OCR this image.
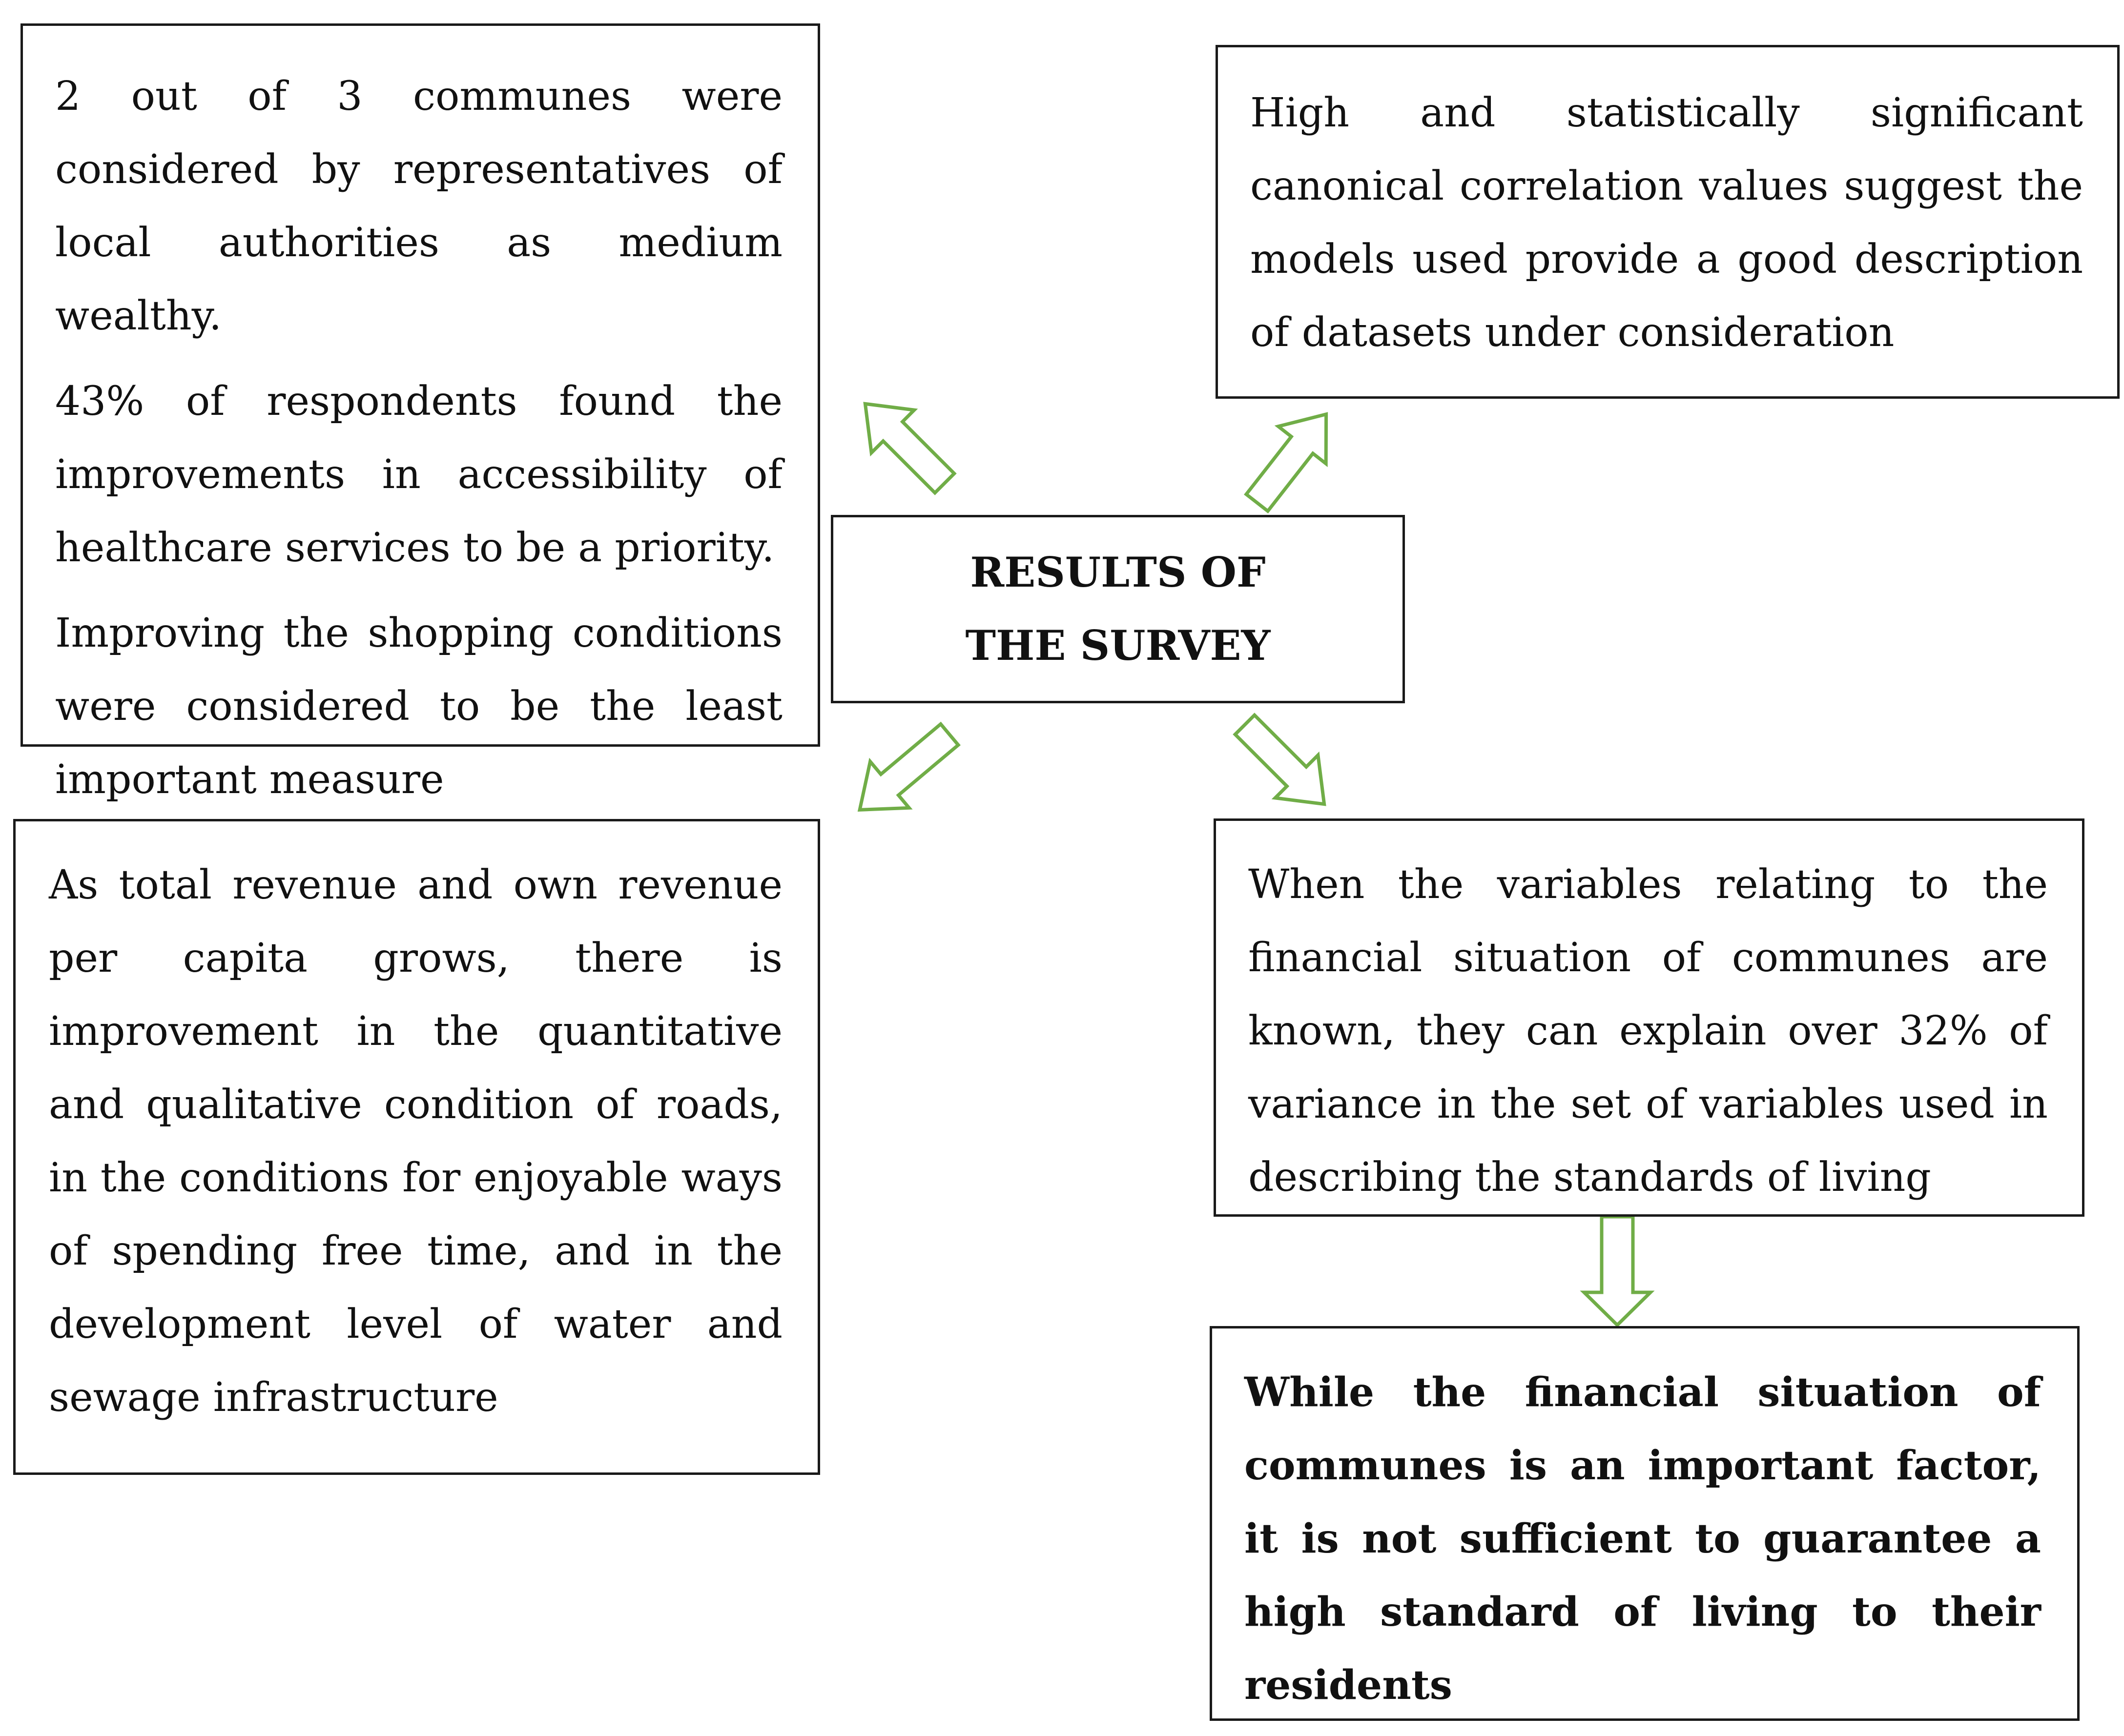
2 out of 3 communes were considered by representatives of local authorities as medium wealthy.

43% of respondents found the improvements in accessibility of healthcare services to be a priority.

Improving the shopping conditions were considered to be the least important measure

High and statistically significant canonical correlation values suggest the models used provide a good description of datasets under consideration

RESULTS OF
THE SURVEY

As total revenue and own revenue per capita grows, there is improvement in the quantitative and qualitative condition of roads, in the conditions for enjoyable ways of spending free time, and in the development level of water and sewage infrastructure

When the variables relating to the financial situation of communes are known, they can explain over 32% of variance in the set of variables used in describing the standards of living

While the financial situation of communes is an important factor, it is not sufficient to guarantee a high standard of living to their residents
